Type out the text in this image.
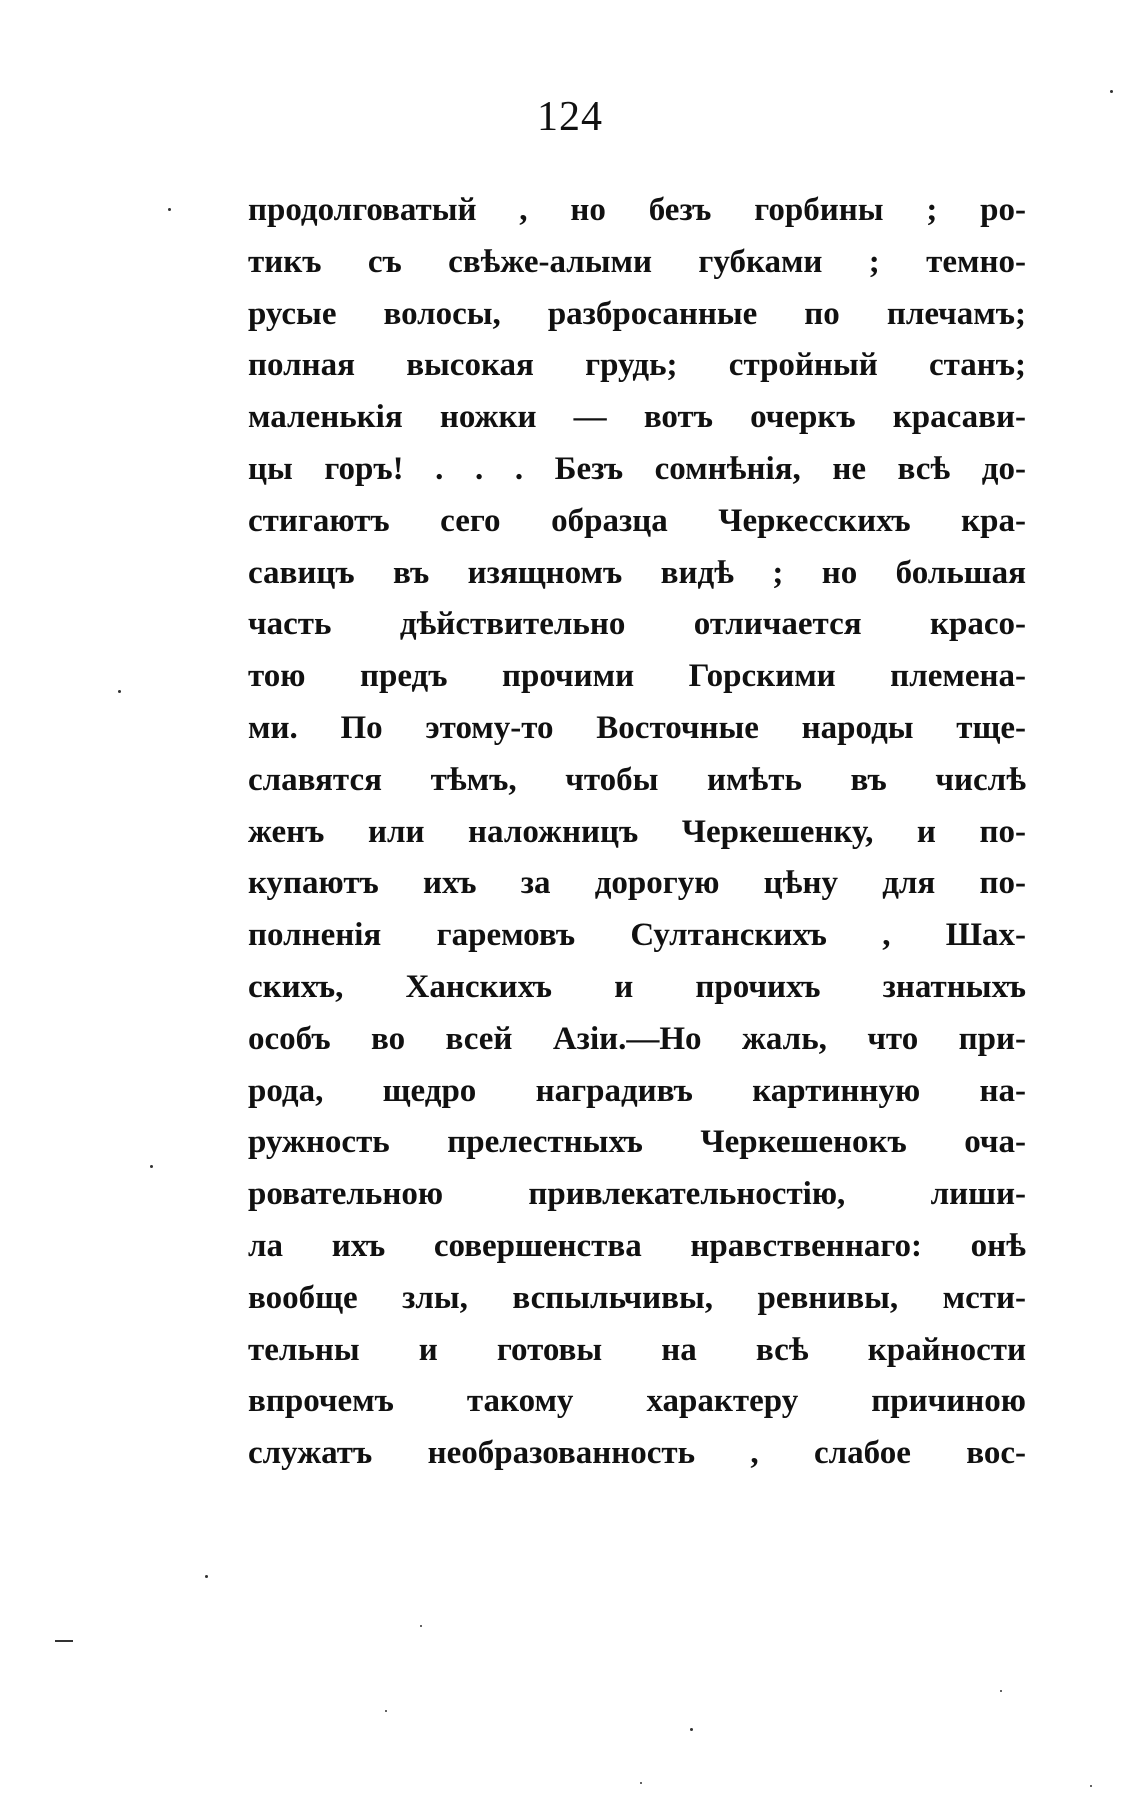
124
продолговатый , но безъ горбины ; ро-
тикъ съ свѣже-алыми губками ; темно-
русые волосы, разбросанные по плечамъ;
полная высокая грудь; стройный станъ;
маленькія ножки — вотъ очеркъ красави-
цы горъ! . . . Безъ сомнѣнія, не всѣ до-
стигаютъ сего образца Черкесскихъ кра-
савицъ въ изящномъ видѣ ; но большая
часть дѣйствительно отличается красо-
тою предъ прочими Горскими племена-
ми. По этому-то Восточные народы тще-
славятся тѣмъ, чтобы имѣть въ числѣ
женъ или наложницъ Черкешенку, и по-
купаютъ ихъ за дорогую цѣну для по-
полненія гаремовъ Султанскихъ , Шах-
скихъ, Ханскихъ и прочихъ знатныхъ
особъ во всей Азіи.—Но жаль, что при-
рода, щедро наградивъ картинную на-
ружность прелестныхъ Черкешенокъ оча-
ровательною привлекательностію, лиши-
ла ихъ совершенства нравственнаго: онѣ
вообще злы, вспыльчивы, ревнивы, мсти-
тельны и готовы на всѣ крайности
впрочемъ такому характеру причиною
служатъ необразованность , слабое вос-
